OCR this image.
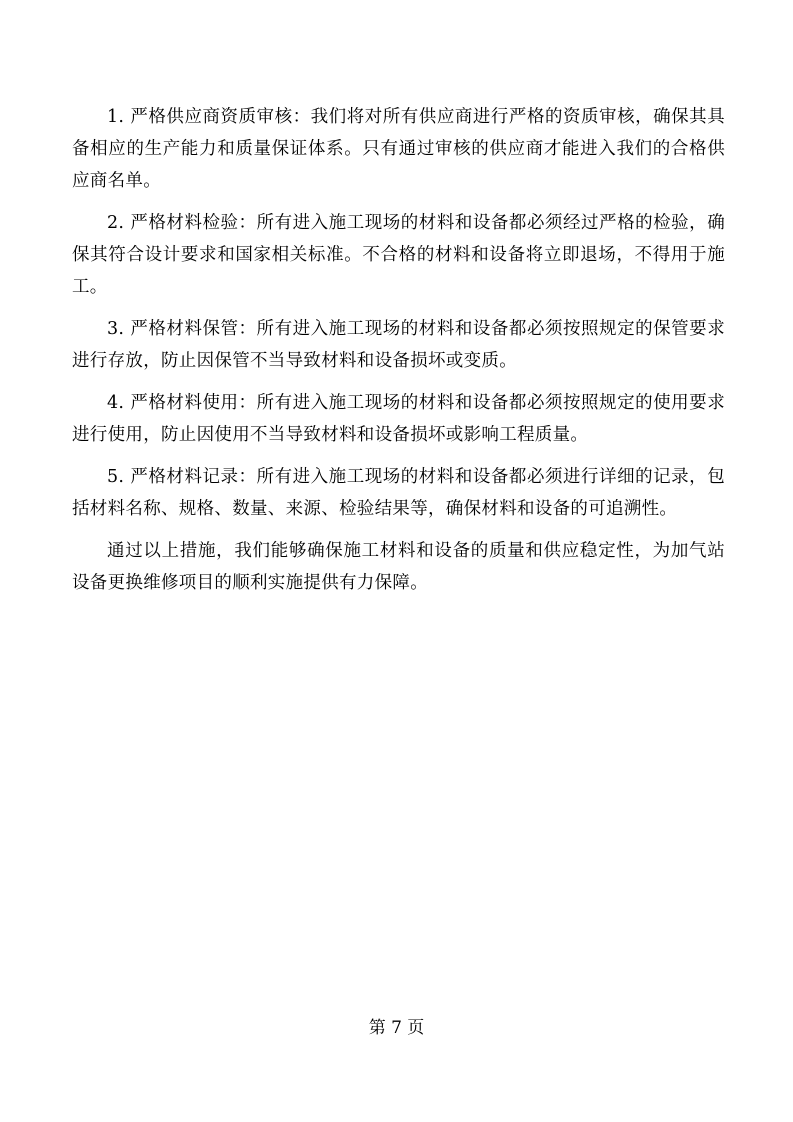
1. 严格供应商资质审核：我们将对所有供应商进行严格的资质审核，确保其具备相应的生产能力和质量保证体系。只有通过审核的供应商才能进入我们的合格供应商名单。

2. 严格材料检验：所有进入施工现场的材料和设备都必须经过严格的检验，确保其符合设计要求和国家相关标准。不合格的材料和设备将立即退场，不得用于施工。

3. 严格材料保管：所有进入施工现场的材料和设备都必须按照规定的保管要求进行存放，防止因保管不当导致材料和设备损坏或变质。

4. 严格材料使用：所有进入施工现场的材料和设备都必须按照规定的使用要求进行使用，防止因使用不当导致材料和设备损坏或影响工程质量。

5. 严格材料记录：所有进入施工现场的材料和设备都必须进行详细的记录，包括材料名称、规格、数量、来源、检验结果等，确保材料和设备的可追溯性。

通过以上措施，我们能够确保施工材料和设备的质量和供应稳定性，为加气站设备更换维修项目的顺利实施提供有力保障。

第 7 页
